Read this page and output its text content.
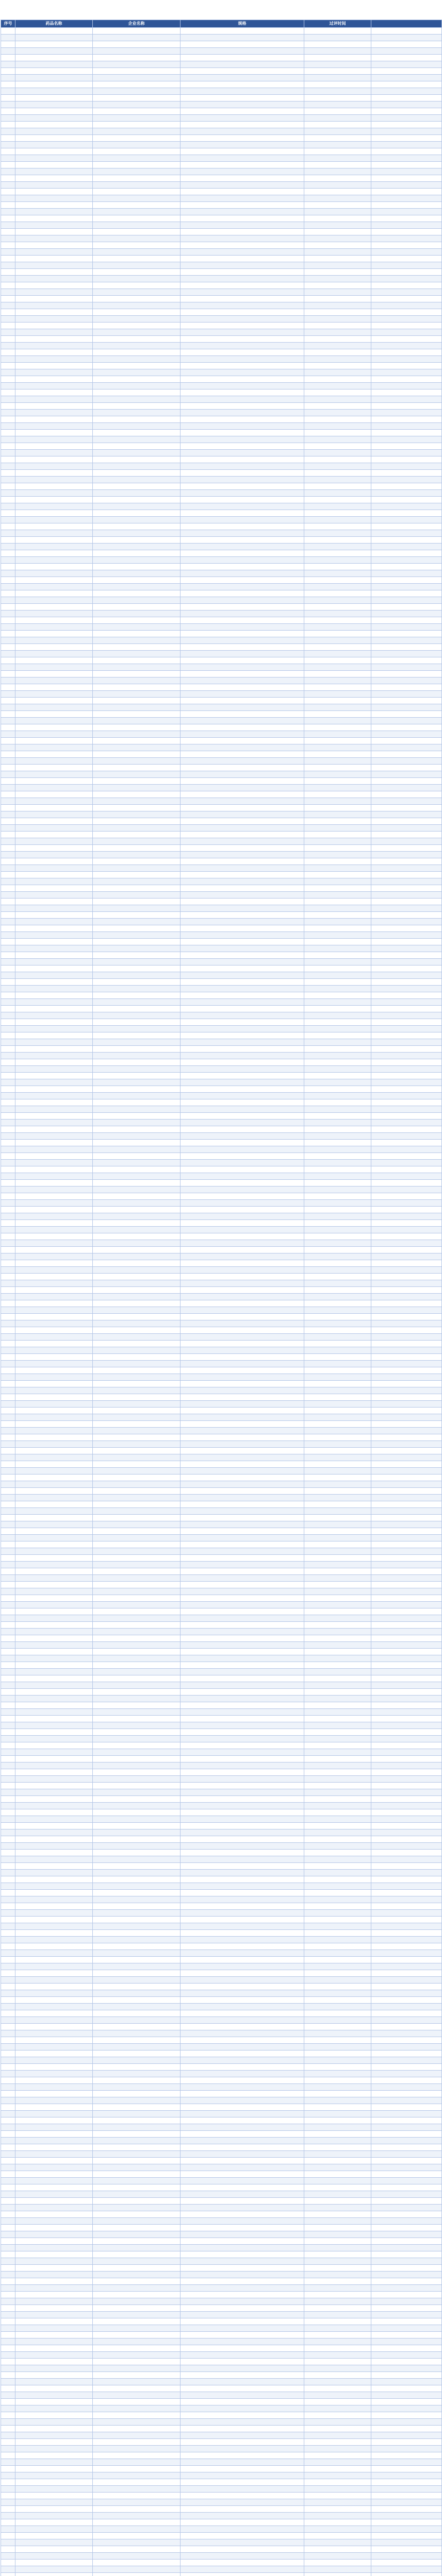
序号	药品名称	企业名称	规格	过评时间	
